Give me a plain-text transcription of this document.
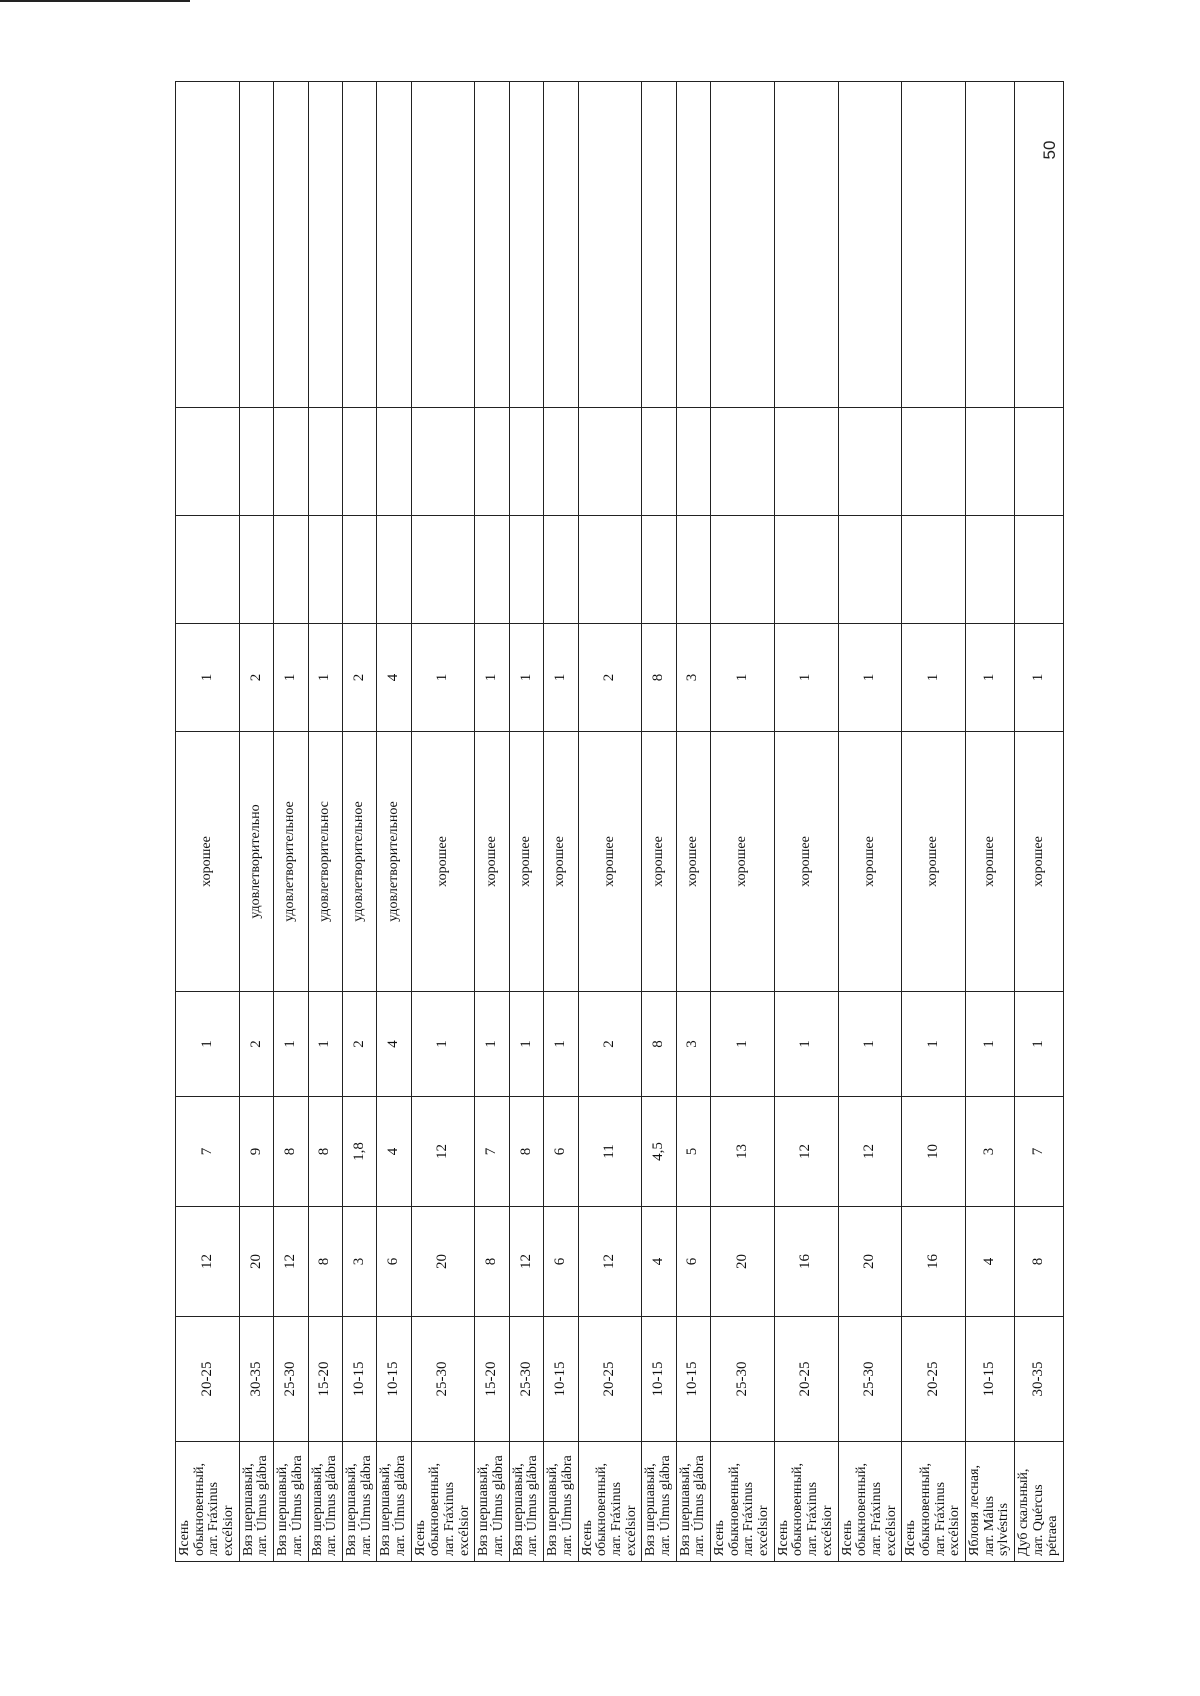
Ясень обыкновенный, лат. Fráxinus excélsior	20-25	12	7	1	хорошее	1			
Вяз шершавый, лат. Úlmus glábra	30-35	20	9	2	удовлетворительно	2			
Вяз шершавый, лат. Úlmus glábra	25-30	12	8	1	удовлетворительное	1			
Вяз шершавый, лат. Úlmus glábra	15-20	8	8	1	удовлетворительнос	1			
Вяз шершавый, лат. Úlmus glábra	10-15	3	1,8	2	удовлетворительное	2			
Вяз шершавый, лат. Úlmus glábra	10-15	6	4	4	удовлетворительное	4			
Ясень обыкновенный, лат. Fráxinus excélsior	25-30	20	12	1	хорошее	1			
Вяз шершавый, лат. Úlmus glábra	15-20	8	7	1	хорошее	1			
Вяз шершавый, лат. Úlmus glábra	25-30	12	8	1	хорошее	1			
Вяз шершавый, лат. Úlmus glábra	10-15	6	6	1	хорошее	1			
Ясень обыкновенный, лат. Fráxinus excélsior	20-25	12	11	2	хорошее	2			
Вяз шершавый, лат. Úlmus glábra	10-15	4	4,5	8	хорошее	8			
Вяз шершавый, лат. Úlmus glábra	10-15	6	5	3	хорошее	3			
Ясень обыкновенный, лат. Fráxinus excélsior	25-30	20	13	1	хорошее	1			
Ясень обыкновенный, лат. Fráxinus excélsior	20-25	16	12	1	хорошее	1			
Ясень обыкновенный, лат. Fráxinus excélsior	25-30	20	12	1	хорошее	1			
Ясень обыкновенный, лат. Fráxinus excélsior	20-25	16	10	1	хорошее	1			
Яблоня лесная, лат. Málus sylvéstris	10-15	4	3	1	хорошее	1			
Дуб скальный, лат. Quércus pétraea	30-35	8	7	1	хорошее	1			
50
